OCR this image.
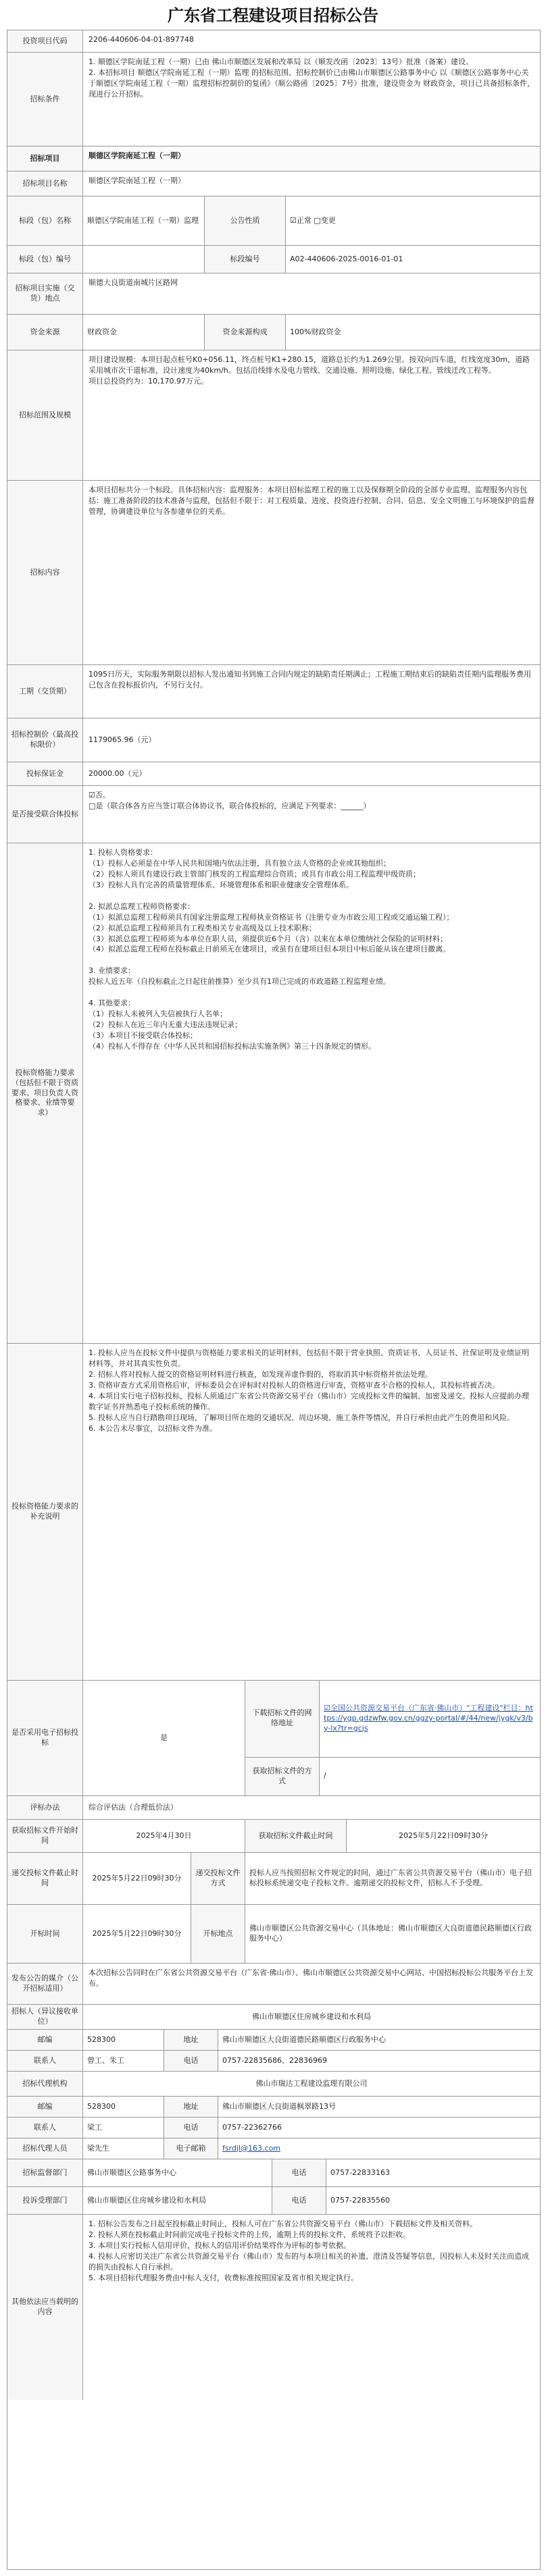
广东省工程建设项目招标公告
投资项目代码	2206-440606-04-01-897748
招标条件
1. 顺德区学院南延工程（一期）已由 佛山市顺德区发展和改革局 以（顺发改函〔2023〕13号）批准（备案）建设。
2. 本招标项目 顺德区学院南延工程（一期）监理 的招标范围、招标控制价已由佛山市顺德区公路事务中心 以《顺德区公路事务中心关于顺德区学院南延工程（一期）监理招标控制价的复函》（顺公路函〔2025〕7号）批准，建设资金为 财政资金，项目已具备招标条件，现进行公开招标。
招标项目	顺德区学院南延工程（一期）
招标项目名称	顺德区学院南延工程（一期）
标段（包）名称	顺德区学院南延工程（一期）监理	公告性质	☑正常 □变更
标段（包）编号	标段编号	A02-440606-2025-0016-01-01
招标项目实施（交货）地点
顺德大良街道南城片区路网
资金来源	财政资金	资金来源构成	100%财政资金
招标范围及规模
项目建设规模：本项目起点桩号K0+056.11，终点桩号K1+280.15，道路总长约为1.269公里。按双向四车道，红线宽度30m，道路采用城市次干道标准，设计速度为40km/h。包括沿线排水及电力管线、交通设施、照明设施、绿化工程、管线迁改工程等。
项目总投资约为：10,170.97万元。
招标内容
本项目招标共分一个标段。具体招标内容：监理服务：本项目招标监理工程的施工以及保修期全阶段的全部专业监理、监理服务内容包括：施工准备阶段的技术准备与监理，包括但不限于：对工程质量、进度、投资进行控制、合同、信息、安全文明施工与环境保护的监督管理，协调建设单位与各参建单位的关系。
工期（交货期）
1095日历天，实际服务期限以招标人发出通知书到施工合同内规定的缺陷责任期满止；工程施工期结束后的缺陷责任期内监理服务费用已包含在投标报价内，不另行支付。
招标控制价（最高投标限价）
1179065.96（元）
投标保证金	20000.00（元）
是否接受联合体投标
☑否。
□是（联合体各方应当签订联合体协议书，联合体投标的，应满足下列要求：______）
投标资格能力要求（包括但不限于资质要求、项目负责人资格要求、业绩等要求）
1. 投标人资格要求：
（1）投标人必须是在中华人民共和国境内依法注册，具有独立法人资格的企业或其他组织；
（2）投标人须具有建设行政主管部门核发的工程监理综合资质；或具有市政公用工程监理甲级资质；
（3）投标人具有完善的质量管理体系、环境管理体系和职业健康安全管理体系。

2. 拟派总监理工程师资格要求：
（1）拟派总监理工程师须具有国家注册监理工程师执业资格证书（注册专业为市政公用工程或交通运输工程）；
（2）拟派总监理工程师须具有工程类相关专业高级及以上技术职称；
（3）拟派总监理工程师须为本单位在职人员，须提供近6个月（含）以来在本单位缴纳社会保险的证明材料；
（4）拟派总监理工程师在投标截止日前须无在建项目，或虽有在建项目但本项目中标后能从该在建项目撤离。

3. 业绩要求：
投标人近五年（自投标截止之日起往前推算）至少具有1项已完成的市政道路工程监理业绩。

4. 其他要求：
（1）投标人未被列入失信被执行人名单；
（2）投标人在近三年内无重大违法违规记录；
（3）本项目不接受联合体投标；
（4）投标人不得存在《中华人民共和国招标投标法实施条例》第三十四条规定的情形。
投标资格能力要求的补充说明
1. 投标人应当在投标文件中提供与资格能力要求相关的证明材料，包括但不限于营业执照、资质证书、人员证书、社保证明及业绩证明材料等，并对其真实性负责。
2. 招标人将对投标人提交的资格证明材料进行核查，如发现弄虚作假的，将取消其中标资格并依法处理。
3. 资格审查方式采用资格后审，评标委员会在评标时对投标人的资格进行审查，资格审查不合格的投标人，其投标将被否决。
4. 本项目实行电子招标投标，投标人须通过广东省公共资源交易平台（佛山市）完成投标文件的编制、加密及递交。投标人应提前办理数字证书并熟悉电子投标系统的操作。
5. 投标人应当自行踏勘项目现场，了解项目所在地的交通状况、周边环境、施工条件等情况，并自行承担由此产生的费用和风险。
6. 本公告未尽事宜，以招标文件为准。
是否采用电子招标投标
是
下载招标文件的网络地址
☑全国公共资源交易平台（广东省·佛山市）"工程建设"栏目：https://ygp.gdzwfw.gov.cn/ggzy-portal/#/44/new/jygk/v3/by-lx?tr=gcjs
获取招标文件的方式
/
评标办法	综合评估法（合理低价法）
获取招标文件开始时间
2025年4月30日	获取招标文件截止时间	2025年5月22日09时30分
递交投标文件截止时间
2025年5月22日09时30分
递交投标文件方式
投标人应当按照招标文件规定的时间，通过广东省公共资源交易平台（佛山市）电子招标投标系统递交电子投标文件。逾期递交的投标文件，招标人不予受理。
开标时间	2025年5月22日09时30分	开标地点
佛山市顺德区公共资源交易中心（具体地址：佛山市顺德区大良街道德民路顺德区行政服务中心）
发布公告的媒介（公开招标适用）
本次招标公告同时在广东省公共资源交易平台（广东省·佛山市）、佛山市顺德区公共资源交易中心网站、中国招标投标公共服务平台上发布。
招标人（异议接收单位）
佛山市顺德区住房城乡建设和水利局
邮编	528300	地址	佛山市顺德区大良街道德民路顺德区行政服务中心
联系人	曾工、朱工	电话	0757-22835686、22836969
招标代理机构	佛山市瑞达工程建设监理有限公司
邮编	528300	地址	佛山市顺德区大良街道枫翠路13号
联系人	梁工	电话	0757-22362766
招标代理人员	梁先生	电子邮箱	fsrdjl@163.com
招标监督部门	佛山市顺德区公路事务中心	电话	0757-22833163
投诉受理部门	佛山市顺德区住房城乡建设和水利局	电话	0757-22835560
其他依法应当载明的内容
1. 招标公告发布之日起至投标截止时间止，投标人可在广东省公共资源交易平台（佛山市）下载招标文件及相关资料。
2. 投标人须在投标截止时间前完成电子投标文件的上传，逾期上传的投标文件，系统将予以拒收。
3. 本项目实行投标人信用评价，投标人的信用评价结果将作为评标的参考依据。
4. 投标人应密切关注广东省公共资源交易平台（佛山市）发布的与本项目相关的补遗、澄清及答疑等信息，因投标人未及时关注而造成的损失由投标人自行承担。
5. 本项目招标代理服务费由中标人支付，收费标准按照国家及省市相关规定执行。
